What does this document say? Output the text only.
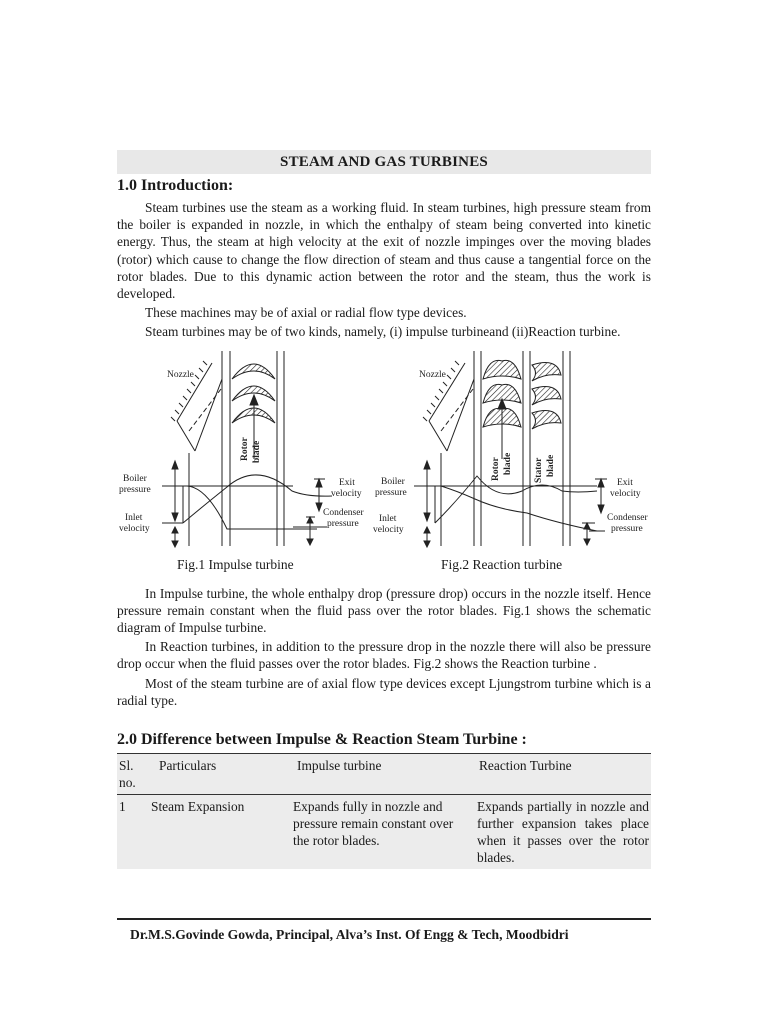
STEAM AND GAS TURBINES
1.0 Introduction:

Steam turbines use the steam as a working fluid. In steam turbines, high pressure steam from the boiler is expanded in nozzle, in which the enthalpy of steam being converted into kinetic energy. Thus, the steam at high velocity at the exit of nozzle impinges over the moving blades (rotor) which cause to change the flow direction of steam and thus cause a tangential force on the rotor blades. Due to this dynamic action between the rotor and the steam, thus the work is developed.

These machines may be of axial or radial flow type devices.

Steam turbines may be of two kinds, namely, (i) impulse turbineand (ii)Reaction turbine.

Nozzle
Rotor blade
Boiler
pressure
Inlet
velocity
Exit
velocity
Condenser
pressure
Nozzle
Rotor blade Stator blade
Boiler
pressure
Inlet
velocity
Exit
velocity
Condenser
pressure
Fig.1 Impulse turbine	Fig.2 Reaction turbine

In Impulse turbine, the whole enthalpy drop (pressure drop) occurs in the nozzle itself. Hence pressure remain constant when the fluid pass over the rotor blades. Fig.1 shows the schematic diagram of Impulse turbine.

In Reaction turbines, in addition to the pressure drop in the nozzle there will also be pressure drop occur when the fluid passes over the rotor blades. Fig.2 shows the Reaction turbine .

Most of the steam turbine are of axial flow type devices except Ljungstrom turbine which is a radial type.

2.0 Difference between Impulse & Reaction Steam Turbine :
Sl. no.	Particulars	Impulse turbine	Reaction Turbine
1	Steam Expansion	Expands fully in nozzle and pressure remain constant over the rotor blades.	Expands partially in nozzle and further expansion takes place when it passes over the rotor blades.
Dr.M.S.Govinde Gowda, Principal, Alva’s Inst. Of Engg & Tech, Moodbidri
